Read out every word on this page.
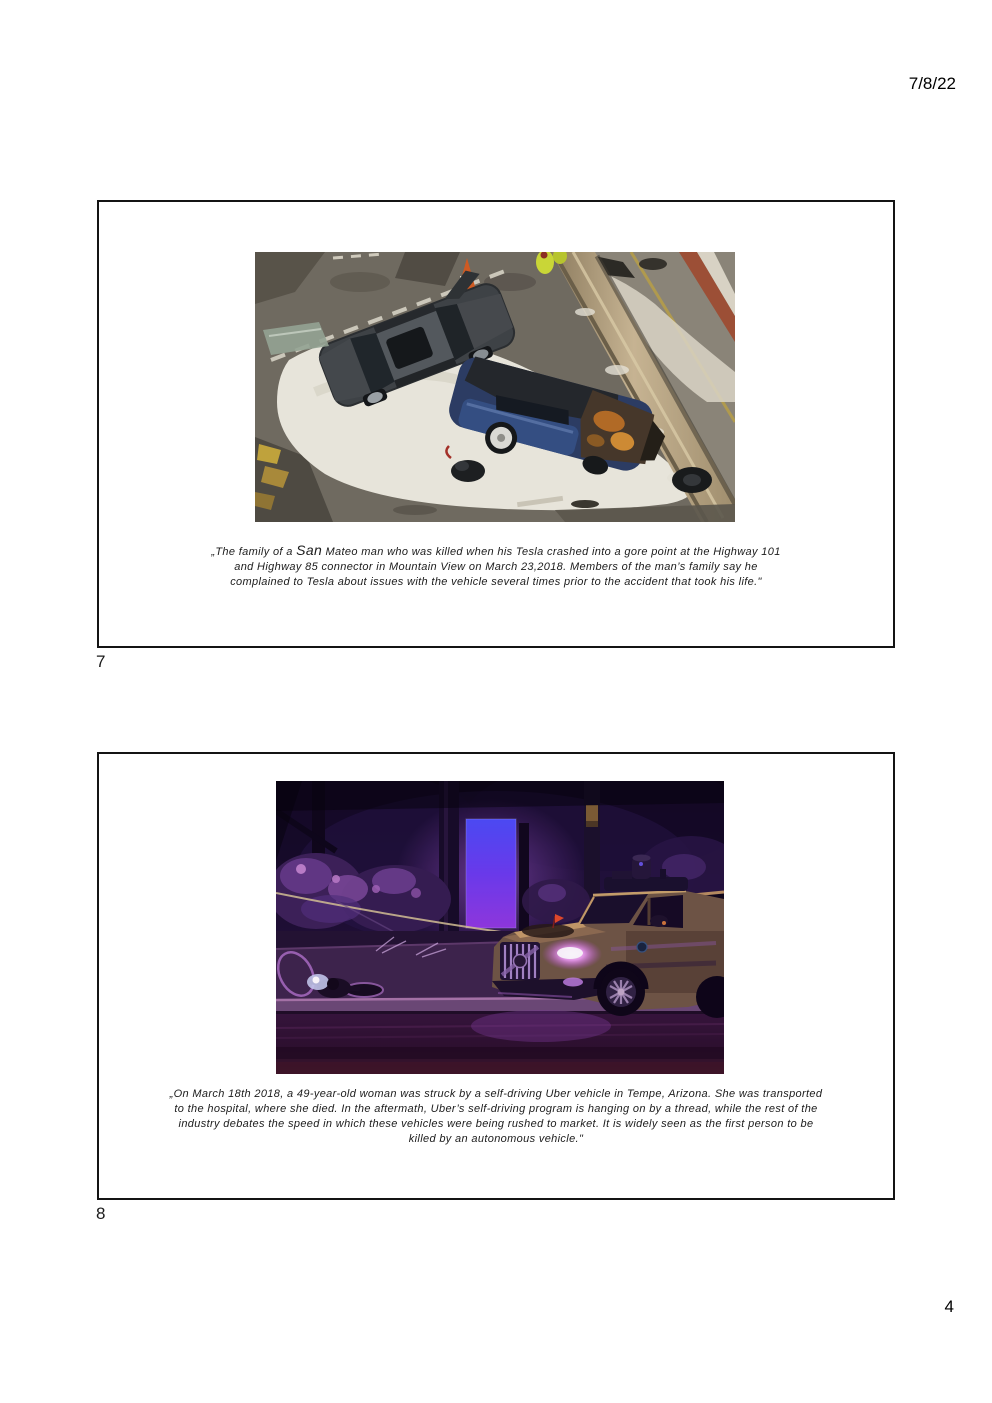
7/8/22
„The family of a San Mateo man who was killed when his Tesla crashed into a gore point at the Highway 101
and Highway 85 connector in Mountain View on March 23,2018. Members of the man’s family say he
complained to Tesla about issues with the vehicle several times prior to the accident that took his life."
7
„On March 18th 2018, a 49-year-old woman was struck by a self-driving Uber vehicle in Tempe, Arizona. She was transported
to the hospital, where she died. In the aftermath, Uber’s self-driving program is hanging on by a thread, while the rest of the
industry debates the speed in which these vehicles were being rushed to market. It is widely seen as the first person to be
killed by an autonomous vehicle."
8
4
